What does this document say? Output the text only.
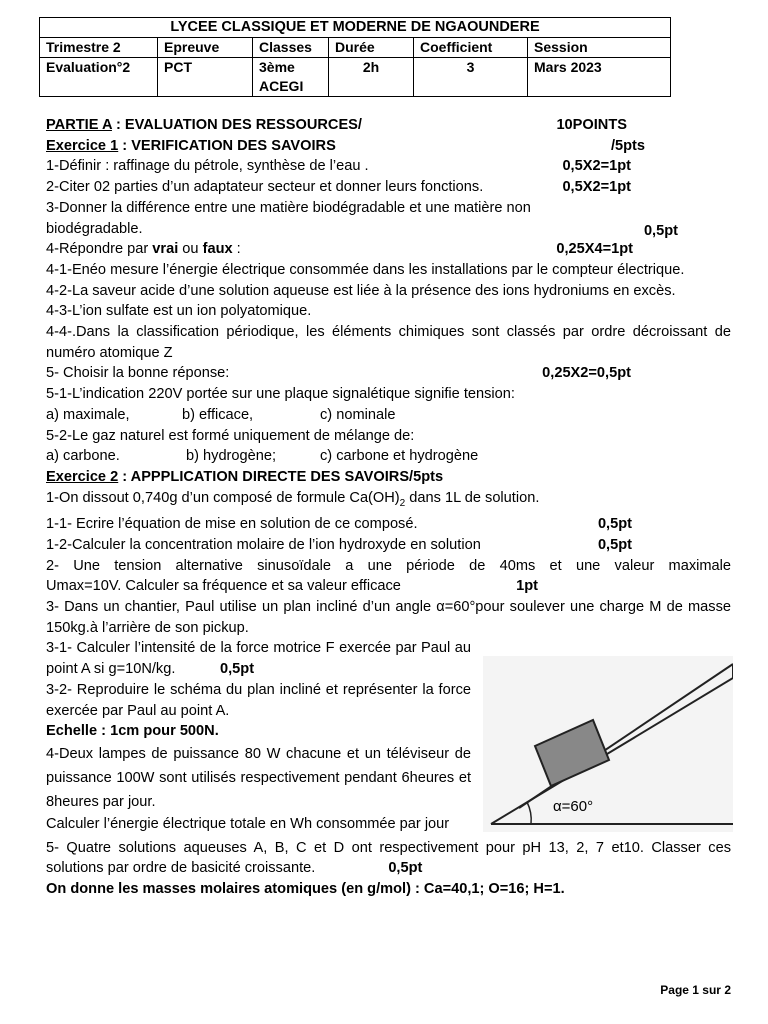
LYCEE CLASSIQUE ET MODERNE DE NGAOUNDERE					
Trimestre 2	Epreuve	Classes	Durée	Coefficient	Session
Evaluation°2	PCT	3ème ACEGI	2h	3	Mars 2023

PARTIE A : EVALUATION DES RESSOURCES/	10POINTS

Exercice 1 : VERIFICATION DES SAVOIRS	/5pts

1-Définir : raffinage du pétrole, synthèse de l’eau .	0,5X2=1pt

2-Citer 02 parties d’un adaptateur secteur et donner leurs fonctions.	0,5X2=1pt

3-Donner la différence entre une matière biodégradable et une matière non

biodégradable.	0,5pt

4-Répondre par vrai ou faux :	0,25X4=1pt

4-1-Enéo mesure l’énergie électrique consommée dans les installations par le compteur électrique.

4-2-La saveur acide d’une solution aqueuse est liée à la présence des ions hydroniums en excès.

4-3-L’ion sulfate est un ion polyatomique.

4-4-.Dans la classification périodique, les éléments chimiques sont classés par ordre décroissant de numéro atomique Z

5- Choisir la bonne réponse:	0,25X2=0,5pt

5-1-L’indication 220V portée sur une plaque signalétique signifie tension:

a) maximale,	b) efficace,	c) nominale

5-2-Le gaz naturel est formé uniquement de mélange de:

a) carbone.	b) hydrogène;	c) carbone et hydrogène

Exercice 2 : APPPLICATION DIRECTE DES SAVOIRS/5pts

1-On dissout 0,740g d’un composé de formule $Ca(OH)_2$ dans 1L de solution.

1-1- Ecrire l’équation de mise en solution de ce composé.	0,5pt

1-2-Calculer la concentration molaire de l’ion hydroxyde en solution	0,5pt

2- Une tension alternative sinusoïdale a une période de 40ms et une valeur maximale

Umax=10V. Calculer sa fréquence et sa valeur efficace	1pt

3- Dans un chantier, Paul utilise un plan incliné d’un angle α=60°pour soulever une charge M de masse 150kg.à l’arrière de son pickup.

3-1- Calculer l’intensité de la force motrice F exercée par Paul au point A si g=10N/kg.	0,5pt

3-2- Reproduire le schéma du plan incliné et représenter la force exercée par Paul au point A.

Echelle : 1cm pour 500N.

4-Deux lampes de puissance 80 W chacune et un téléviseur de puissance 100W sont utilisés respectivement pendant 6heures et 8heures par jour.

Calculer l’énergie électrique totale en Wh consommée par jour

5- Quatre solutions aqueuses A, B, C et D ont respectivement pour pH 13, 2, 7 et10. Classer ces solutions par ordre de basicité croissante.	0,5pt

On donne les masses molaires atomiques (en g/mol) : Ca=40,1; O=16; H=1.

α=60°
Page 1 sur 2
